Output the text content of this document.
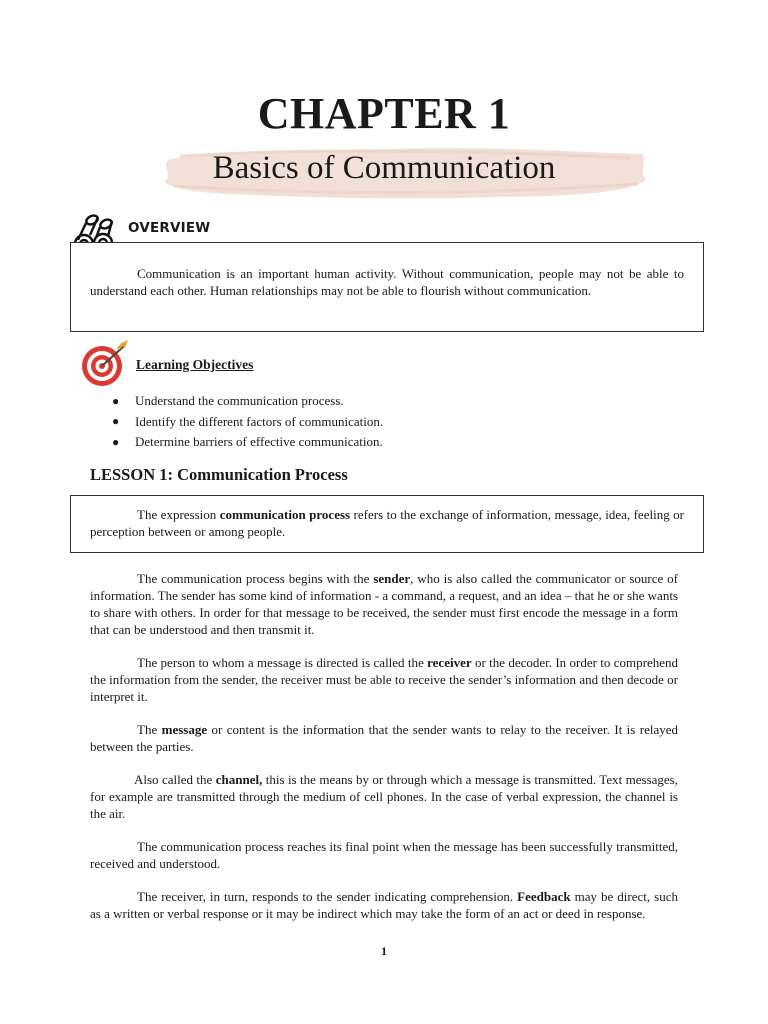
CHAPTER 1
Basics of Communication
OVERVIEW

Communication is an important human activity. Without communication, people may not be able to understand each other. Human relationships may not be able to flourish without communication.

Learning Objectives
●	Understand the communication process.
●	Identify the different factors of communication.
●	Determine barriers of effective communication.
LESSON 1: Communication Process

The expression communication process refers to the exchange of information, message, idea, feeling or perception between or among people.

The communication process begins with the sender, who is also called the communicator or source of information. The sender has some kind of information - a command, a request, and an idea – that he or she wants to share with others. In order for that message to be received, the sender must first encode the message in a form that can be understood and then transmit it.

The person to whom a message is directed is called the receiver or the decoder. In order to comprehend the information from the sender, the receiver must be able to receive the sender’s information and then decode or interpret it.

The message or content is the information that the sender wants to relay to the receiver. It is relayed between the parties.

Also called the channel, this is the means by or through which a message is transmitted. Text messages, for example are transmitted through the medium of cell phones. In the case of verbal expression, the channel is the air.

The communication process reaches its final point when the message has been successfully transmitted, received and understood.

The receiver, in turn, responds to the sender indicating comprehension. Feedback may be direct, such as a written or verbal response or it may be indirect which may take the form of an act or deed in response.

1
